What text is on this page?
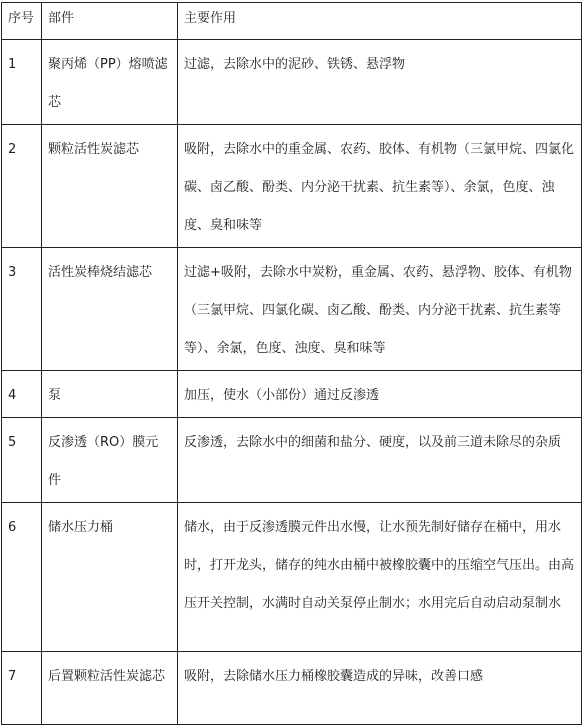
序号	部件	主要作用

1	聚丙烯（PP）熔喷滤芯	过滤，去除水中的泥砂、铁锈、悬浮物

2	颗粒活性炭滤芯	吸附，去除水中的重金属、农药、胶体、有机物（三氯甲烷、四氯化碳、卤乙酸、酚类、内分泌干扰素、抗生素等）、余氯，色度、浊度、臭和味等

3	活性炭棒烧结滤芯	过滤+吸附，去除水中炭粉，重金属、农药、悬浮物、胶体、有机物（三氯甲烷、四氯化碳、卤乙酸、酚类、内分泌干扰素、抗生素等等）、余氯，色度、浊度、臭和味等

4	泵	加压，使水（小部份）通过反渗透

5	反渗透（RO）膜元件	反渗透，去除水中的细菌和盐分、硬度，以及前三道未除尽的杂质

6	储水压力桶	储水，由于反渗透膜元件出水慢，让水预先制好储存在桶中，用水时，打开龙头，储存的纯水由桶中被橡胶囊中的压缩空气压出。由高压开关控制，水满时自动关泵停止制水；水用完后自动启动泵制水

7	后置颗粒活性炭滤芯	吸附，去除储水压力桶橡胶囊造成的异味，改善口感
